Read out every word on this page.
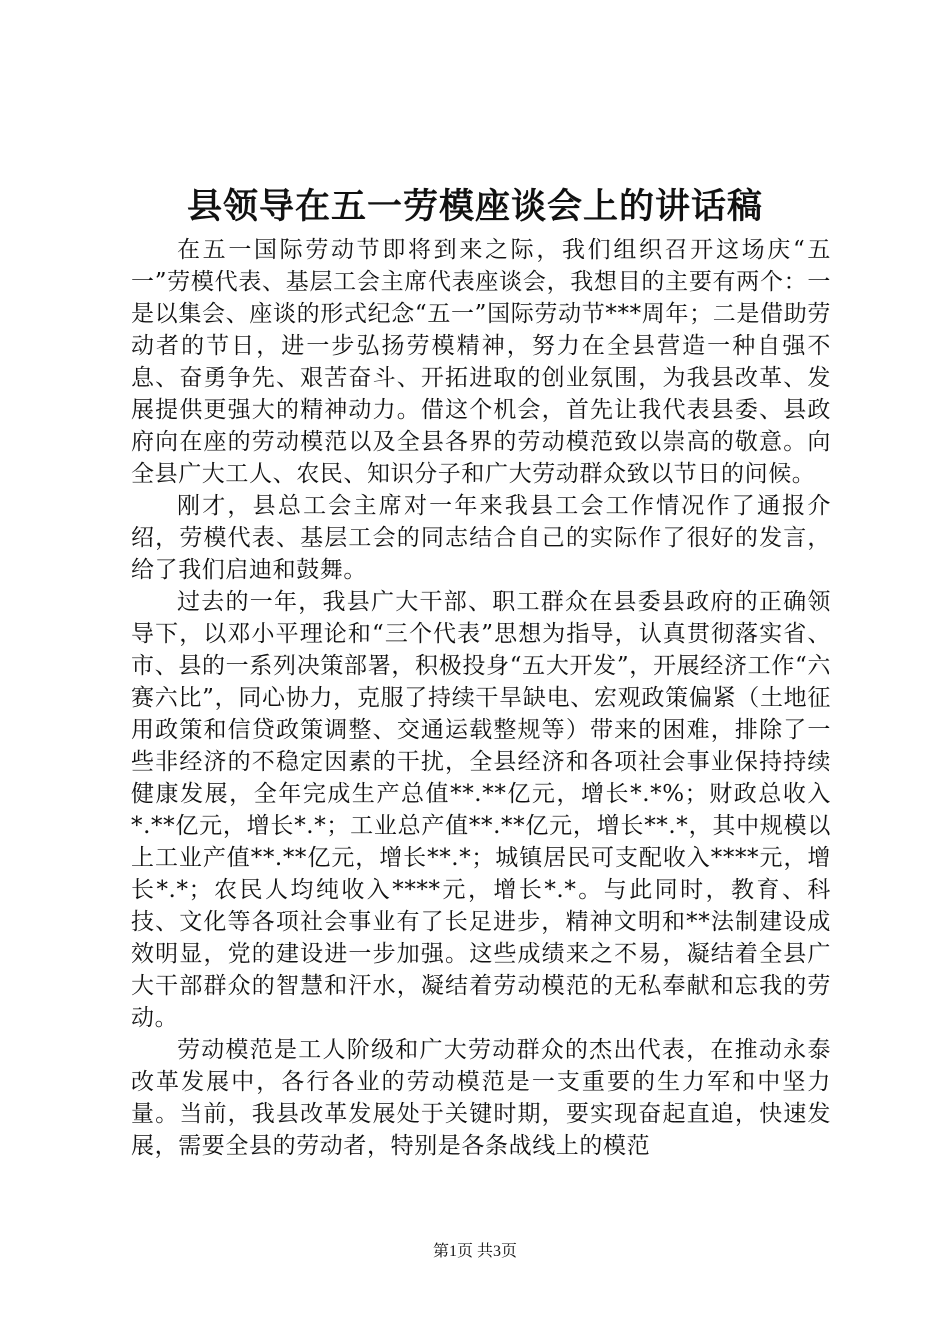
县领导在五一劳模座谈会上的讲话稿

在五一国际劳动节即将到来之际，我们组织召开这场庆“五一”劳模代表、基层工会主席代表座谈会，我想目的主要有两个：一是以集会、座谈的形式纪念“五一”国际劳动节***周年；二是借助劳动者的节日，进一步弘扬劳模精神，努力在全县营造一种自强不息、奋勇争先、艰苦奋斗、开拓进取的创业氛围，为我县改革、发展提供更强大的精神动力。借这个机会，首先让我代表县委、县政府向在座的劳动模范以及全县各界的劳动模范致以崇高的敬意。向全县广大工人、农民、知识分子和广大劳动群众致以节日的问候。

刚才，县总工会主席对一年来我县工会工作情况作了通报介绍，劳模代表、基层工会的同志结合自己的实际作了很好的发言，给了我们启迪和鼓舞。

过去的一年，我县广大干部、职工群众在县委县政府的正确领导下，以邓小平理论和“三个代表”思想为指导，认真贯彻落实省、市、县的一系列决策部署，积极投身“五大开发”，开展经济工作“六赛六比”，同心协力，克服了持续干旱缺电、宏观政策偏紧（土地征用政策和信贷政策调整、交通运载整规等）带来的困难，排除了一些非经济的不稳定因素的干扰，全县经济和各项社会事业保持持续健康发展，全年完成生产总值**.**亿元，增长*.*%；财政总收入*.**亿元，增长*.*；工业总产值**.**亿元，增长**.*，其中规模以上工业产值**.**亿元，增长**.*；城镇居民可支配收入****元，增长*.*；农民人均纯收入****元，增长*.*。与此同时，教育、科技、文化等各项社会事业有了长足进步，精神文明和**法制建设成效明显，党的建设进一步加强。这些成绩来之不易，凝结着全县广大干部群众的智慧和汗水，凝结着劳动模范的无私奉献和忘我的劳动。

劳动模范是工人阶级和广大劳动群众的杰出代表，在推动永泰改革发展中，各行各业的劳动模范是一支重要的生力军和中坚力量。当前，我县改革发展处于关键时期，要实现奋起直追，快速发展，需要全县的劳动者，特别是各条战线上的模范

第1页 共3页
